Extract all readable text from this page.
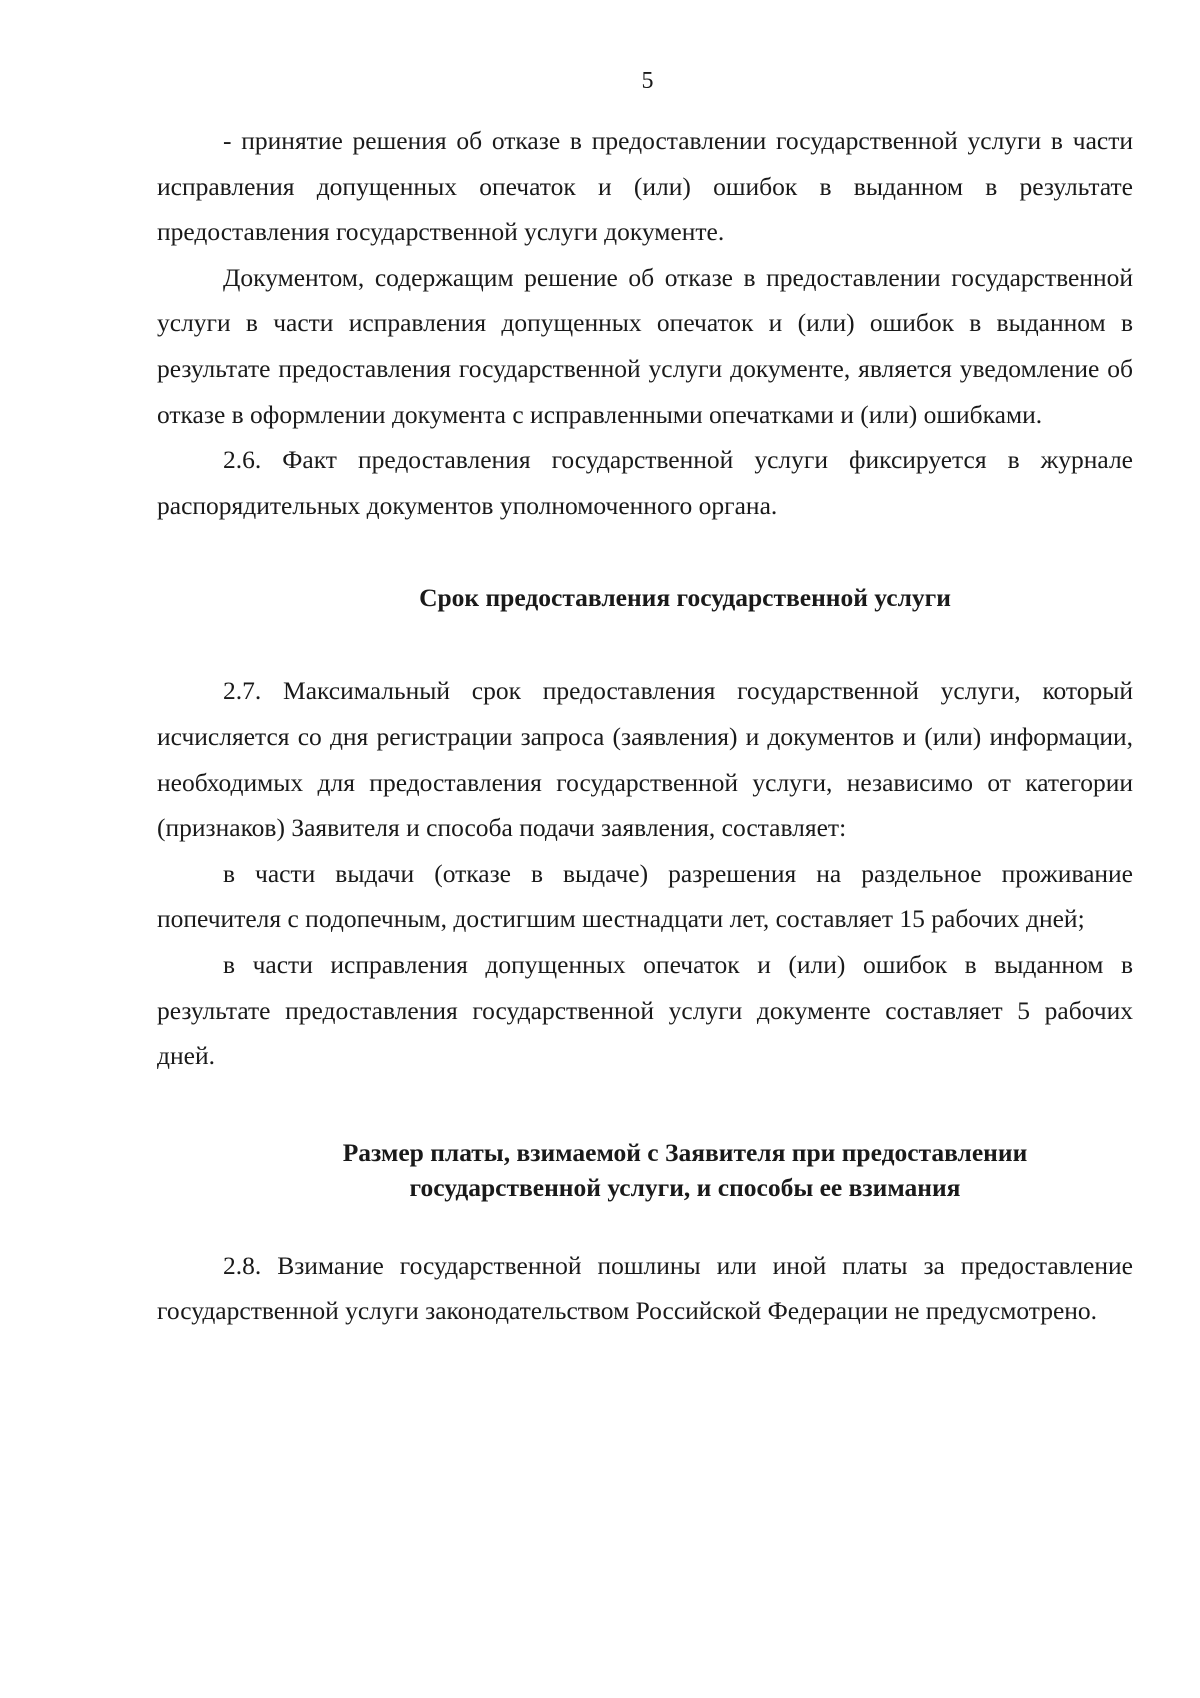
5

- принятие решения об отказе в предоставлении государственной услуги в части исправления допущенных опечаток и (или) ошибок в выданном в результате предоставления государственной услуги документе.

Документом, содержащим решение об отказе в предоставлении государственной услуги в части исправления допущенных опечаток и (или) ошибок в выданном в результате предоставления государственной услуги документе, является уведомление об отказе в оформлении документа с исправленными опечатками и (или) ошибками.

2.6. Факт предоставления государственной услуги фиксируется в журнале распорядительных документов уполномоченного органа.

Срок предоставления государственной услуги

2.7. Максимальный срок предоставления государственной услуги, который исчисляется со дня регистрации запроса (заявления) и документов и (или) информации, необходимых для предоставления государственной услуги, независимо от категории (признаков) Заявителя и способа подачи заявления, составляет:

в части выдачи (отказе в выдаче) разрешения на раздельное проживание попечителя с подопечным, достигшим шестнадцати лет, составляет 15 рабочих дней;

в части исправления допущенных опечаток и (или) ошибок в выданном в результате предоставления государственной услуги документе составляет 5 рабочих дней.

Размер платы, взимаемой с Заявителя при предоставлении
государственной услуги, и способы ее взимания

2.8. Взимание государственной пошлины или иной платы за предоставление государственной услуги законодательством Российской Федерации не предусмотрено.
